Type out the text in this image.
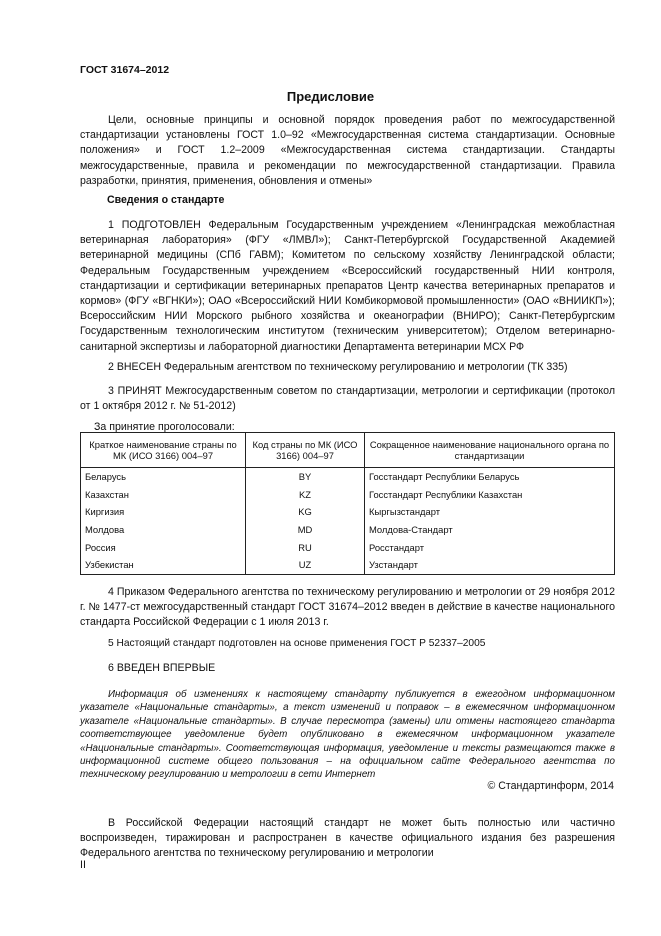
ГОСТ 31674–2012
Предисловие
Цели, основные принципы и основной порядок проведения работ по межгосударственной стандартизации установлены ГОСТ 1.0–92 «Межгосударственная система стандартизации. Основные положения» и ГОСТ 1.2–2009 «Межгосударственная система стандартизации. Стандарты межгосударственные, правила и рекомендации по межгосударственной стандартизации. Правила разработки, принятия, применения, обновления и отмены»
Сведения о стандарте
1 ПОДГОТОВЛЕН Федеральным Государственным учреждением «Ленинградская межобластная ветеринарная лаборатория» (ФГУ «ЛМВЛ»); Санкт-Петербургской Государственной Академией ветеринарной медицины (СПб ГАВМ); Комитетом по сельскому хозяйству Ленинградской области; Федеральным Государственным учреждением «Всероссийский государственный НИИ контроля, стандартизации и сертификации ветеринарных препаратов Центр качества ветеринарных препаратов и кормов» (ФГУ «ВГНКИ»); ОАО «Всероссийский НИИ Комбикормовой промышленности» (ОАО «ВНИИКП»); Всероссийским НИИ Морского рыбного хозяйства и океанографии (ВНИРО); Санкт-Петербургским Государственным технологическим институтом (техническим университетом); Отделом ветеринарно-санитарной экспертизы и лабораторной диагностики Департамента ветеринарии МСХ РФ
2 ВНЕСЕН Федеральным агентством по техническому регулированию и метрологии (ТК 335)
3 ПРИНЯТ Межгосударственным советом по стандартизации, метрологии и сертификации (протокол от 1 октября 2012 г. № 51-2012)
За принятие проголосовали:
Краткое наименование страны по МК (ИСО 3166) 004–97	Код страны по МК (ИСО 3166) 004–97	Сокращенное наименование национального органа по стандартизации
Беларусь	BY	Госстандарт Республики Беларусь
Казахстан	KZ	Госстандарт Республики Казахстан
Киргизия	KG	Кыргызстандарт
Молдова	MD	Молдова-Стандарт
Россия	RU	Росстандарт
Узбекистан	UZ	Узстандарт
4 Приказом Федерального агентства по техническому регулированию и метрологии от 29 ноября 2012 г. № 1477-ст межгосударственный стандарт ГОСТ 31674–2012 введен в действие в качестве национального стандарта Российской Федерации с 1 июля 2013 г.
5 Настоящий стандарт подготовлен на основе применения ГОСТ Р 52337–2005
6 ВВЕДЕН ВПЕРВЫЕ
Информация об изменениях к настоящему стандарту публикуется в ежегодном информационном указателе «Национальные стандарты», а текст изменений и поправок – в ежемесячном информационном указателе «Национальные стандарты». В случае пересмотра (замены) или отмены настоящего стандарта соответствующее уведомление будет опубликовано в ежемесячном информационном указателе «Национальные стандарты». Соответствующая информация, уведомление и тексты размещаются также в информационной системе общего пользования – на официальном сайте Федерального агентства по техническому регулированию и метрологии в сети Интернет
© Стандартинформ, 2014
В Российской Федерации настоящий стандарт не может быть полностью или частично воспроизведен, тиражирован и распространен в качестве официального издания без разрешения Федерального агентства по техническому регулированию и метрологии
II
